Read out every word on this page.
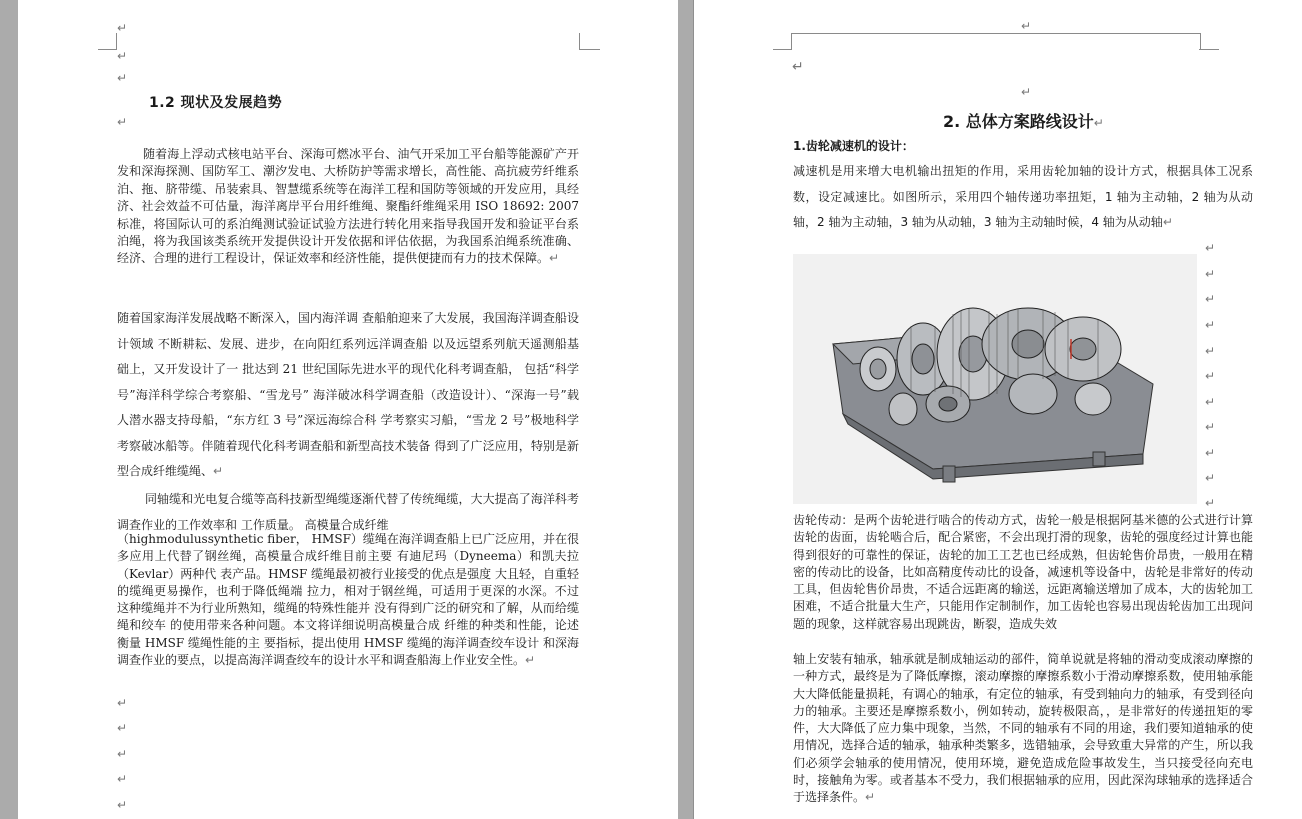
↵
↵
↵
1.2 现状及发展趋势
↵
随着海上浮动式核电站平台、深海可燃冰平台、油气开采加工平台船等能源矿产开发和深海探测、国防军工、潮汐发电、大桥防护等需求增长，高性能、高抗疲劳纤维系泊、拖、脐带缆、吊装索具、智慧缆系统等在海洋工程和国防等领域的开发应用，具经济、社会效益不可估量，海洋离岸平台用纤维绳、聚酯纤维绳采用 ISO 18692: 2007 标准，将国际认可的系泊绳测试验证试验方法进行转化用来指导我国开发和验证平台系泊绳，将为我国该类系统开发提供设计开发依据和评估依据，为我国系泊绳系统准确、经济、合理的进行工程设计，保证效率和经济性能，提供便捷而有力的技术保障。↵
随着国家海洋发展战略不断深入，国内海洋调 查船舶迎来了大发展，我国海洋调查船设计领域 不断耕耘、发展、进步，在向阳红系列远洋调查船 以及远望系列航天遥测船基础上，又开发设计了一 批达到 21 世纪国际先进水平的现代化科考调查船， 包括“科学号”海洋科学综合考察船、“雪龙号” 海洋破冰科学调查船（改造设计）、“深海一号”载 人潜水器支持母船，“东方红 3 号”深远海综合科 学考察实习船，“雪龙 2 号”极地科学考察破冰船等。伴随着现代化科考调查船和新型高技术装备 得到了广泛应用，特别是新型合成纤维缆绳、↵
同轴缆和光电复合缆等高科技新型绳缆逐渐代替了传统绳缆，大大提高了海洋科考调查作业的工作效率和 工作质量。 高模量合成纤维
（highmodulussynthetic fiber， HMSF）缆绳在海洋调查船上已广泛应用，并在很多应用上代替了钢丝绳，高模量合成纤维目前主要 有迪尼玛（Dyneema）和凯夫拉（Kevlar）两种代 表产品。HMSF 缆绳最初被行业接受的优点是强度 大且轻，自重轻的缆绳更易操作，也利于降低绳端 拉力，相对于钢丝绳，可适用于更深的水深。不过 这种缆绳并不为行业所熟知，缆绳的特殊性能并 没有得到广泛的研究和了解，从而给缆绳和绞车 的使用带来各种问题。本文将详细说明高模量合成 纤维的种类和性能，论述衡量 HMSF 缆绳性能的主 要指标，提出使用 HMSF 缆绳的海洋调查绞车设计 和深海调查作业的要点，以提高海洋调查绞车的设计水平和调查船海上作业安全性。↵
↵
↵
↵
↵
↵
↵
↵
↵
2. 总体方案路线设计↵
1.齿轮减速机的设计：
减速机是用来增大电机输出扭矩的作用，采用齿轮加轴的设计方式，根据具体工况系数，设定减速比。如图所示，采用四个轴传递功率扭矩，1 轴为主动轴，2 轴为从动轴，2 轴为主动轴，3 轴为从动轴，3 轴为主动轴时候，4 轴为从动轴↵
↵
↵
↵
↵
↵
↵
↵
↵
↵
↵
↵
齿轮传动：是两个齿轮进行啮合的传动方式，齿轮一般是根据阿基米德的公式进行计算齿轮的齿面，齿轮啮合后，配合紧密，不会出现打滑的现象，齿轮的强度经过计算也能得到很好的可靠性的保证，齿轮的加工工艺也已经成熟，但齿轮售价昂贵，一般用在精密的传动比的设备，比如高精度传动比的设备，减速机等设备中，齿轮是非常好的传动工具，但齿轮售价昂贵，不适合远距离的输送，远距离输送增加了成本，大的齿轮加工困难，不适合批量大生产，只能用作定制制作，加工齿轮也容易出现齿轮齿加工出现问题的现象，这样就容易出现跳齿，断裂，造成失效
轴上安装有轴承，轴承就是制成轴运动的部件，简单说就是将轴的滑动变成滚动摩擦的一种方式，最终是为了降低摩擦，滚动摩擦的摩擦系数小于滑动摩擦系数，使用轴承能大大降低能量损耗，有调心的轴承，有定位的轴承，有受到轴向力的轴承，有受到径向力的轴承。主要还是摩擦系数小，例如转动，旋转极限高，，是非常好的传递扭矩的零件，大大降低了应力集中现象，当然，不同的轴承有不同的用途，我们要知道轴承的使用情况，选择合适的轴承，轴承种类繁多，选错轴承，会导致重大异常的产生，所以我们必须学会轴承的使用情况，使用环境，避免造成危险事故发生，当只接受径向充电时，接触角为零。或者基本不受力，我们根据轴承的应用，因此深沟球轴承的选择适合于选择条件。↵
